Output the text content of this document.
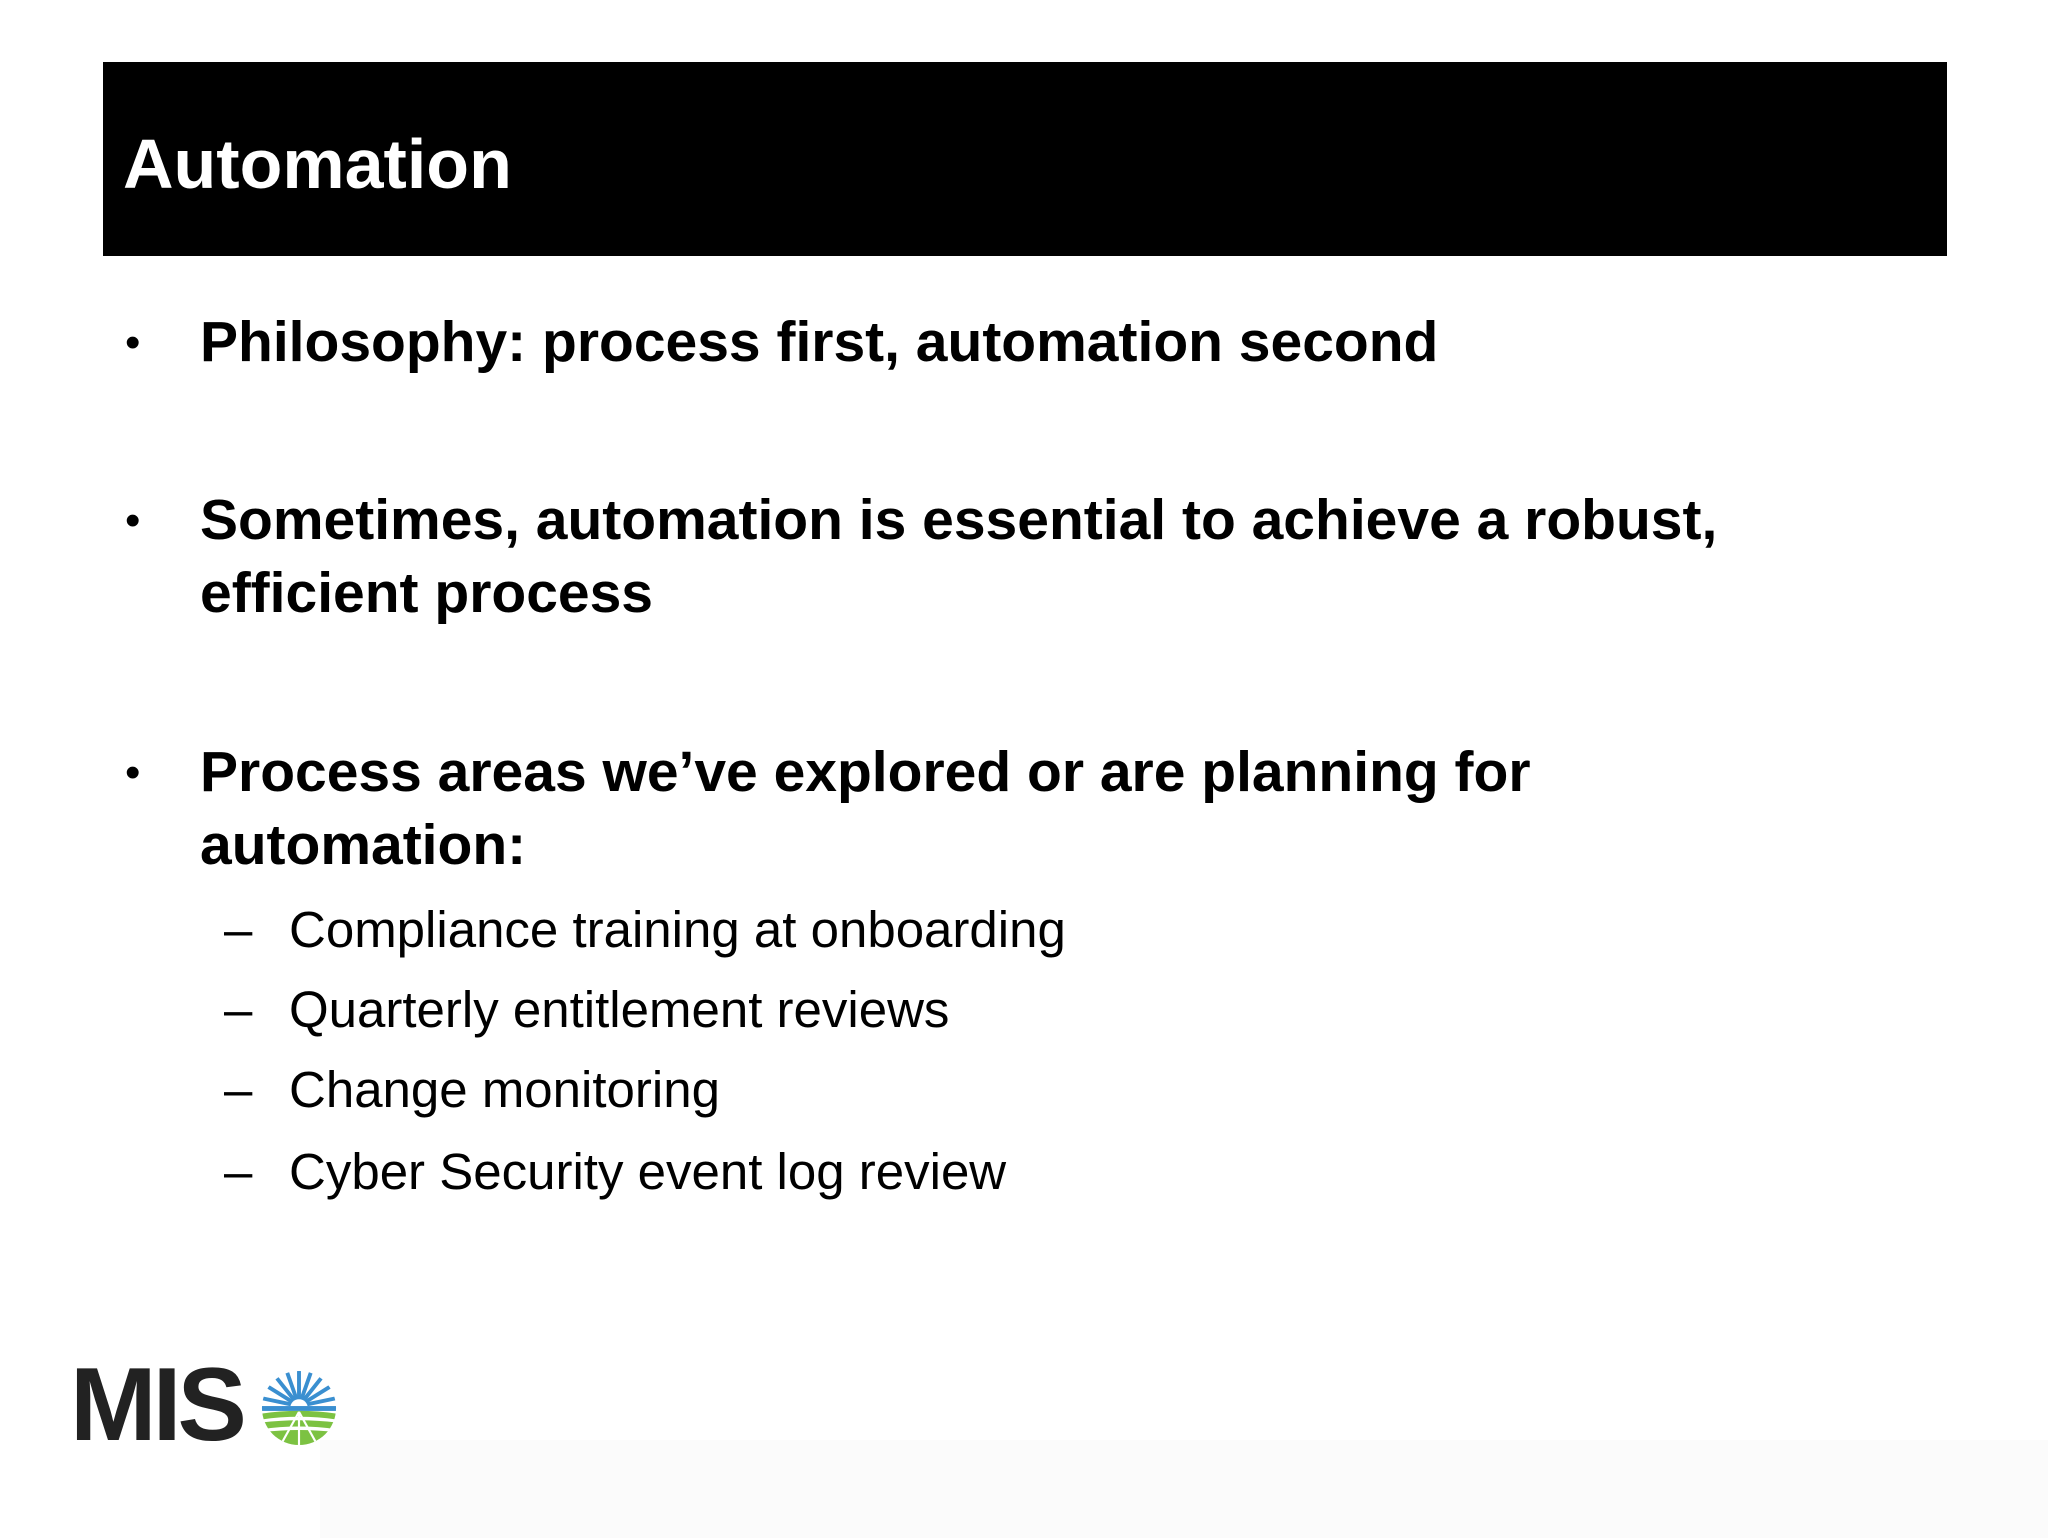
Automation
• Philosophy: process first, automation second
• Sometimes, automation is essential to achieve a robust, efficient process
• Process areas we’ve explored or are planning for automation:
– Compliance training at onboarding
– Quarterly entitlement reviews
– Change monitoring
– Cyber Security event log review
MIS
